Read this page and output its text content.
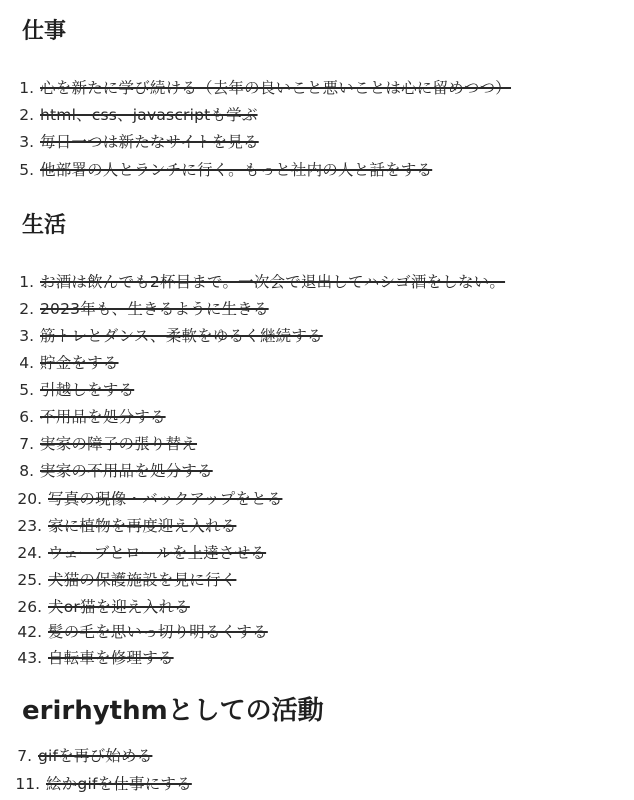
仕事
1. 心を新たに学び続ける（去年の良いこと悪いことは心に留めつつ）
2. html、css、javascriptも学ぶ
3. 毎日一つは新たなサイトを見る
5. 他部署の人とランチに行く。もっと社内の人と話をする
生活
1. お酒は飲んでも2杯目まで。一次会で退出してハシゴ酒をしない。
2. 2023年も、生きるように生きる
3. 筋トレとダンス、柔軟をゆるく継続する
4. 貯金をする
5. 引越しをする
6. 不用品を処分する
7. 実家の障子の張り替え
8. 実家の不用品を処分する
20. 写真の現像・バックアップをとる
23. 家に植物を再度迎え入れる
24. ウェーブとロールを上達させる
25. 犬猫の保護施設を見に行く
26. 犬or猫を迎え入れる
42. 髪の毛を思いっ切り明るくする
43. 自転車を修理する
erirhythmとしての活動
7. gifを再び始める
11. 絵かgifを仕事にする
